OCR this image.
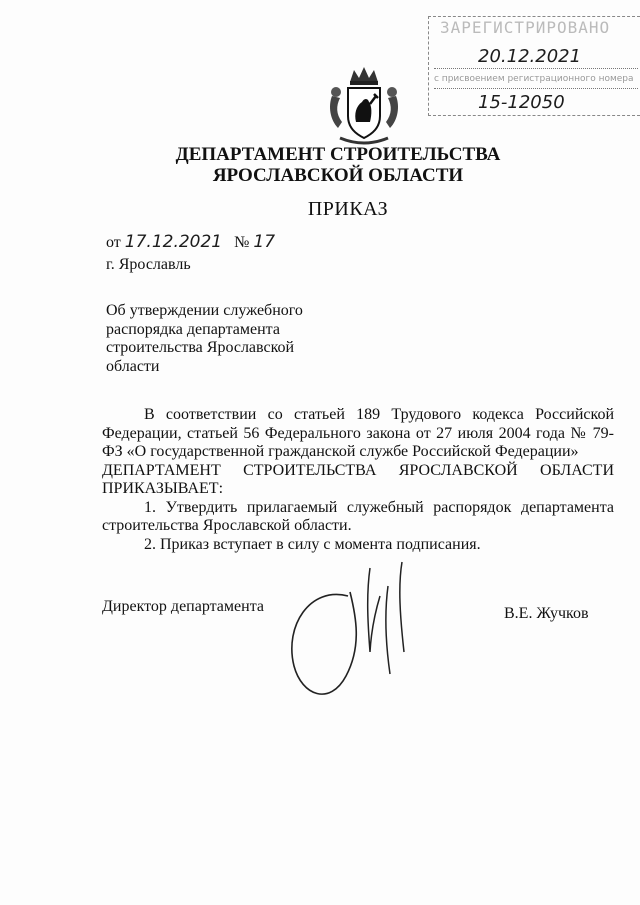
ЗАРЕГИСТРИРОВАНО
20.12.2021
с присвоением регистрационного номера
15-12050
ДЕПАРТАМЕНТ СТРОИТЕЛЬСТВА
ЯРОСЛАВСКОЙ ОБЛАСТИ
ПРИКАЗ
от 17.12.2021 № 17
г. Ярославль
Об утверждении служебного распорядка департамента строительства Ярославской области

В соответствии со статьей 189 Трудового кодекса Российской Федерации, статьей 56 Федерального закона от 27 июля 2004 года № 79-ФЗ «О государственной гражданской службе Российской Федерации»

ДЕПАРТАМЕНТ СТРОИТЕЛЬСТВА ЯРОСЛАВСКОЙ ОБЛАСТИ

ПРИКАЗЫВАЕТ:

1. Утвердить прилагаемый служебный распорядок департамента строительства Ярославской области.

2. Приказ вступает в силу с момента подписания.

Директор департамента	В.Е. Жучков
